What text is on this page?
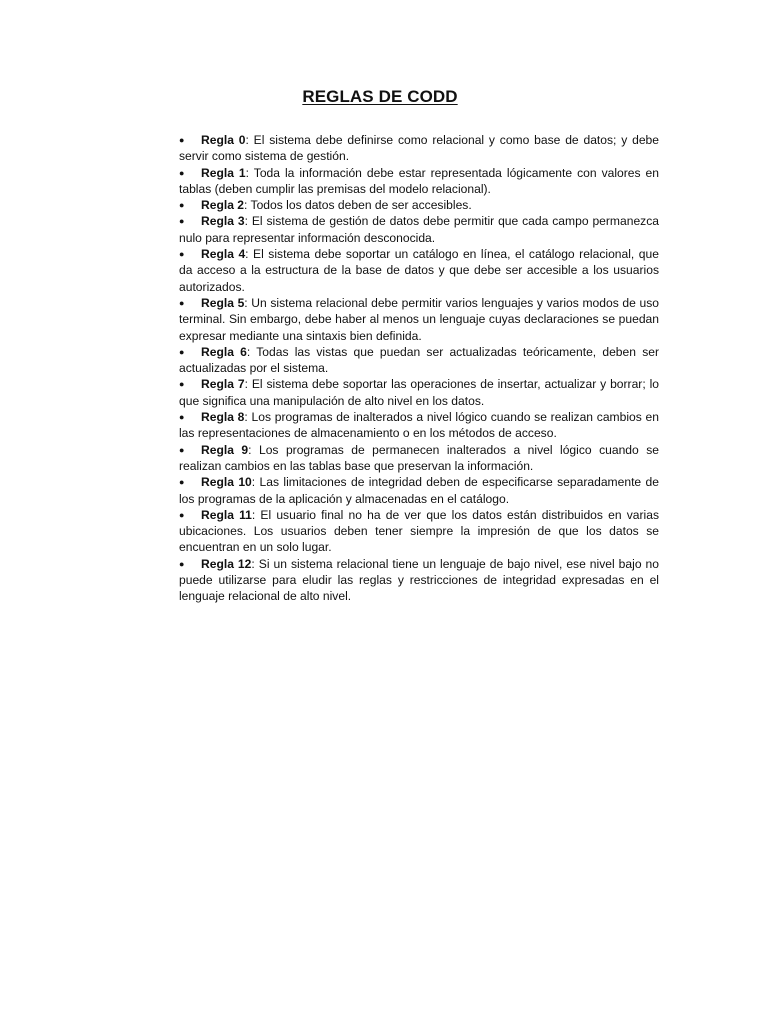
REGLAS DE CODD
● Regla 0: El sistema debe definirse como relacional y como base de datos; y debe servir como sistema de gestión.
● Regla 1: Toda la información debe estar representada lógicamente con valores en tablas (deben cumplir las premisas del modelo relacional).
● Regla 2: Todos los datos deben de ser accesibles.
● Regla 3: El sistema de gestión de datos debe permitir que cada campo permanezca nulo para representar información desconocida.
● Regla 4: El sistema debe soportar un catálogo en línea, el catálogo relacional, que da acceso a la estructura de la base de datos y que debe ser accesible a los usuarios autorizados.
● Regla 5: Un sistema relacional debe permitir varios lenguajes y varios modos de uso terminal. Sin embargo, debe haber al menos un lenguaje cuyas declaraciones se puedan expresar mediante una sintaxis bien definida.
● Regla 6: Todas las vistas que puedan ser actualizadas teóricamente, deben ser actualizadas por el sistema.
● Regla 7: El sistema debe soportar las operaciones de insertar, actualizar y borrar; lo que significa una manipulación de alto nivel en los datos.
● Regla 8: Los programas de inalterados a nivel lógico cuando se realizan cambios en las representaciones de almacenamiento o en los métodos de acceso.
● Regla 9: Los programas de permanecen inalterados a nivel lógico cuando se realizan cambios en las tablas base que preservan la información.
● Regla 10: Las limitaciones de integridad deben de especificarse separadamente de los programas de la aplicación y almacenadas en el catálogo.
● Regla 11: El usuario final no ha de ver que los datos están distribuidos en varias ubicaciones. Los usuarios deben tener siempre la impresión de que los datos se encuentran en un solo lugar.
● Regla 12: Si un sistema relacional tiene un lenguaje de bajo nivel, ese nivel bajo no puede utilizarse para eludir las reglas y restricciones de integridad expresadas en el lenguaje relacional de alto nivel.
